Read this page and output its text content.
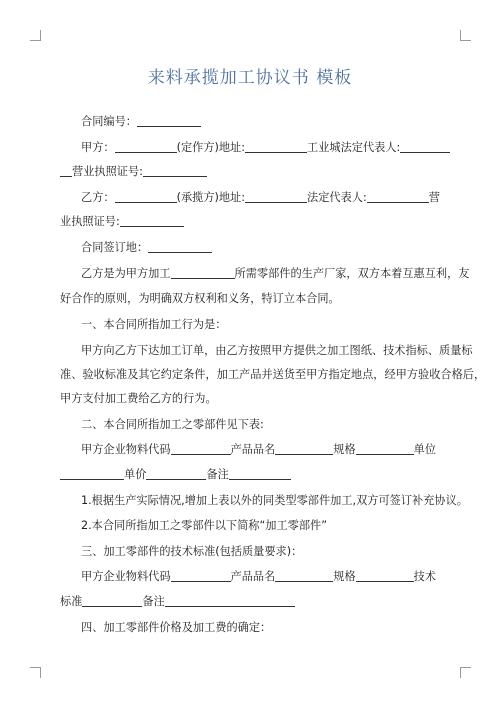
来料承揽加工协议书 模板
合同编号：
甲方：	(定作方)地址:	工业城法定代表人:
营业执照证号:
乙方：	(承揽方)地址:	法定代表人:	营
业执照证号:
合同签订地：
乙方是为甲方加工	所需零部件的生产厂家，双方本着互惠互利，友
好合作的原则，为明确双方权利和义务，特订立本合同。
一、本合同所指加工行为是：
甲方向乙方下达加工订单，由乙方按照甲方提供之加工图纸、技术指标、质量标
准、验收标准及其它约定条件，加工产品并送货至甲方指定地点，经甲方验收合格后，
甲方支付加工费给乙方的行为。
二、本合同所指加工之零部件见下表:
甲方企业物料代码	产品品名	规格	单位
单价	备注
1.根据生产实际情况,增加上表以外的同类型零部件加工,双方可签订补充协议。
2.本合同所指加工之零部件以下简称“加工零部件”
三、加工零部件的技术标准(包括质量要求)：
甲方企业物料代码	产品品名	规格	技术
标准	备注
四、加工零部件价格及加工费的确定：
